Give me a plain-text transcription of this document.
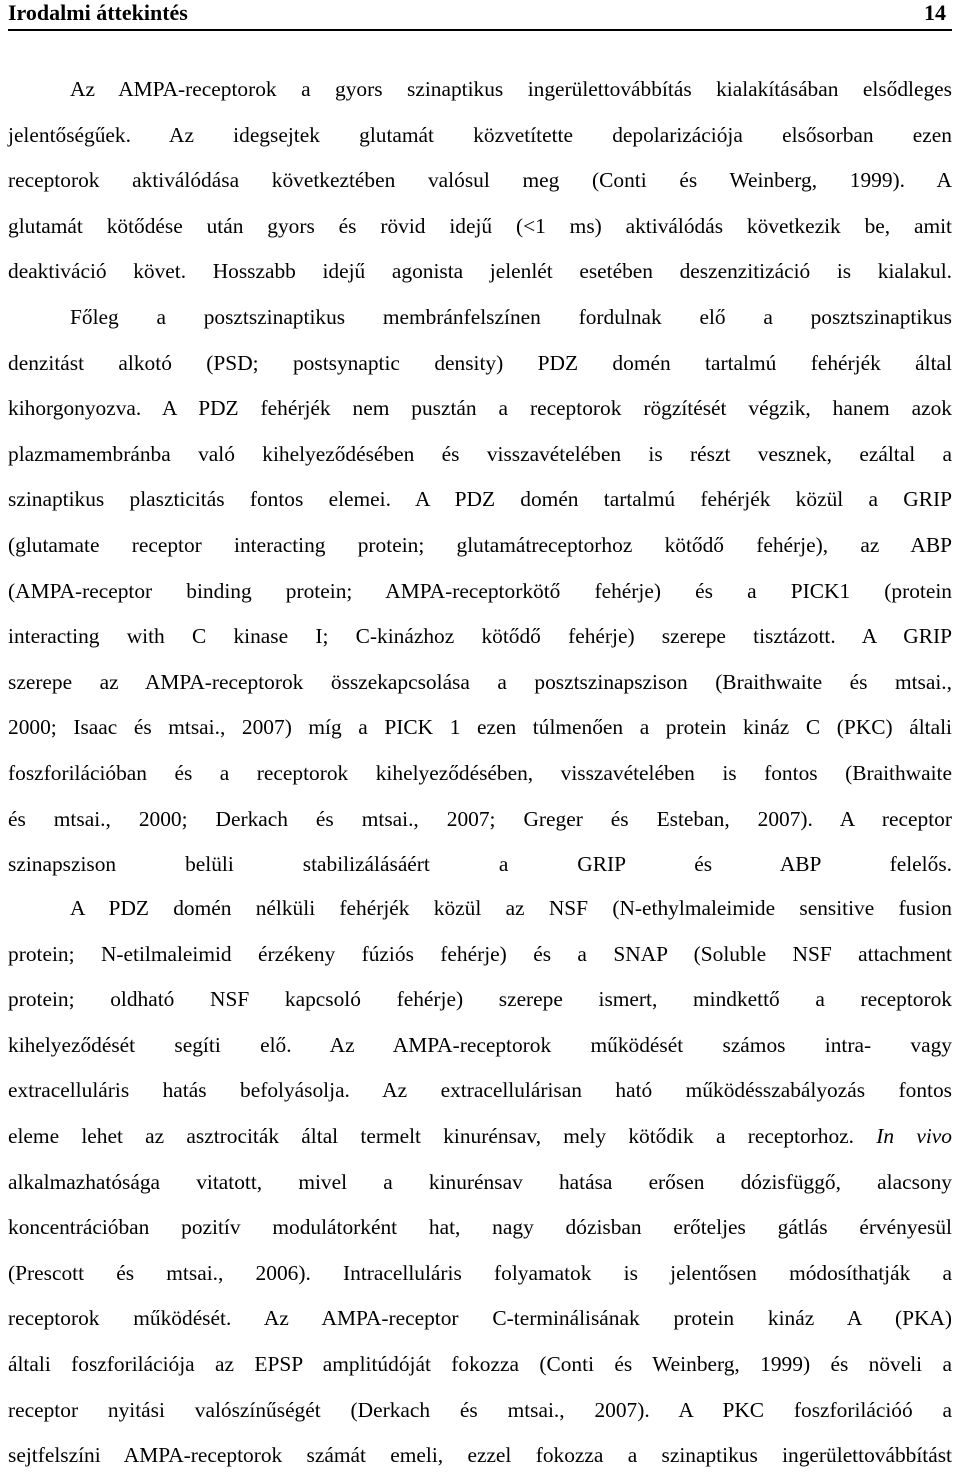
Irodalmi áttekintés	14
Az AMPA-receptorok a gyors szinaptikus ingerülettovábbítás kialakításában elsődleges
jelentőségűek. Az idegsejtek glutamát közvetítette depolarizációja elsősorban ezen
receptorok aktiválódása következtében valósul meg (Conti és Weinberg, 1999). A
glutamát kötődése után gyors és rövid idejű (<1 ms) aktiválódás következik be, amit
deaktiváció követ. Hosszabb idejű agonista jelenlét esetében deszenzitizáció is kialakul.
Főleg a posztszinaptikus membránfelszínen fordulnak elő a posztszinaptikus
denzitást alkotó (PSD; postsynaptic density) PDZ domén tartalmú fehérjék által
kihorgonyozva. A PDZ fehérjék nem pusztán a receptorok rögzítését végzik, hanem azok
plazmamembránba való kihelyeződésében és visszavételében is részt vesznek, ezáltal a
szinaptikus plaszticitás fontos elemei. A PDZ domén tartalmú fehérjék közül a GRIP
(glutamate receptor interacting protein; glutamátreceptorhoz kötődő fehérje), az ABP
(AMPA-receptor binding protein; AMPA-receptorkötő fehérje) és a PICK1 (protein
interacting with C kinase I; C-kinázhoz kötődő fehérje) szerepe tisztázott. A GRIP
szerepe az AMPA-receptorok összekapcsolása a posztszinapszison (Braithwaite és mtsai.,
2000; Isaac és mtsai., 2007) míg a PICK 1 ezen túlmenően a protein kináz C (PKC) általi
foszforilációban és a receptorok kihelyeződésében, visszavételében is fontos (Braithwaite
és mtsai., 2000; Derkach és mtsai., 2007; Greger és Esteban, 2007). A receptor
szinapszison belüli stabilizálásáért a GRIP és ABP felelős.
A PDZ domén nélküli fehérjék közül az NSF (N-ethylmaleimide sensitive fusion
protein; N-etilmaleimid érzékeny fúziós fehérje) és a SNAP (Soluble NSF attachment
protein; oldható NSF kapcsoló fehérje) szerepe ismert, mindkettő a receptorok
kihelyeződését segíti elő. Az AMPA-receptorok működését számos intra- vagy
extracelluláris hatás befolyásolja. Az extracellulárisan ható működésszabályozás fontos
eleme lehet az asztrociták által termelt kinurénsav, mely kötődik a receptorhoz. In vivo
alkalmazhatósága vitatott, mivel a kinurénsav hatása erősen dózisfüggő, alacsony
koncentrációban pozitív modulátorként hat, nagy dózisban erőteljes gátlás érvényesül
(Prescott és mtsai., 2006). Intracelluláris folyamatok is jelentősen módosíthatják a
receptorok működését. Az AMPA-receptor C-terminálisának protein kináz A (PKA)
általi foszforilációja az EPSP amplitúdóját fokozza (Conti és Weinberg, 1999) és növeli a
receptor nyitási valószínűségét (Derkach és mtsai., 2007). A PKC foszforilációó a
sejtfelszíni AMPA-receptorok számát emeli, ezzel fokozza a szinaptikus ingerülettovábbítást
